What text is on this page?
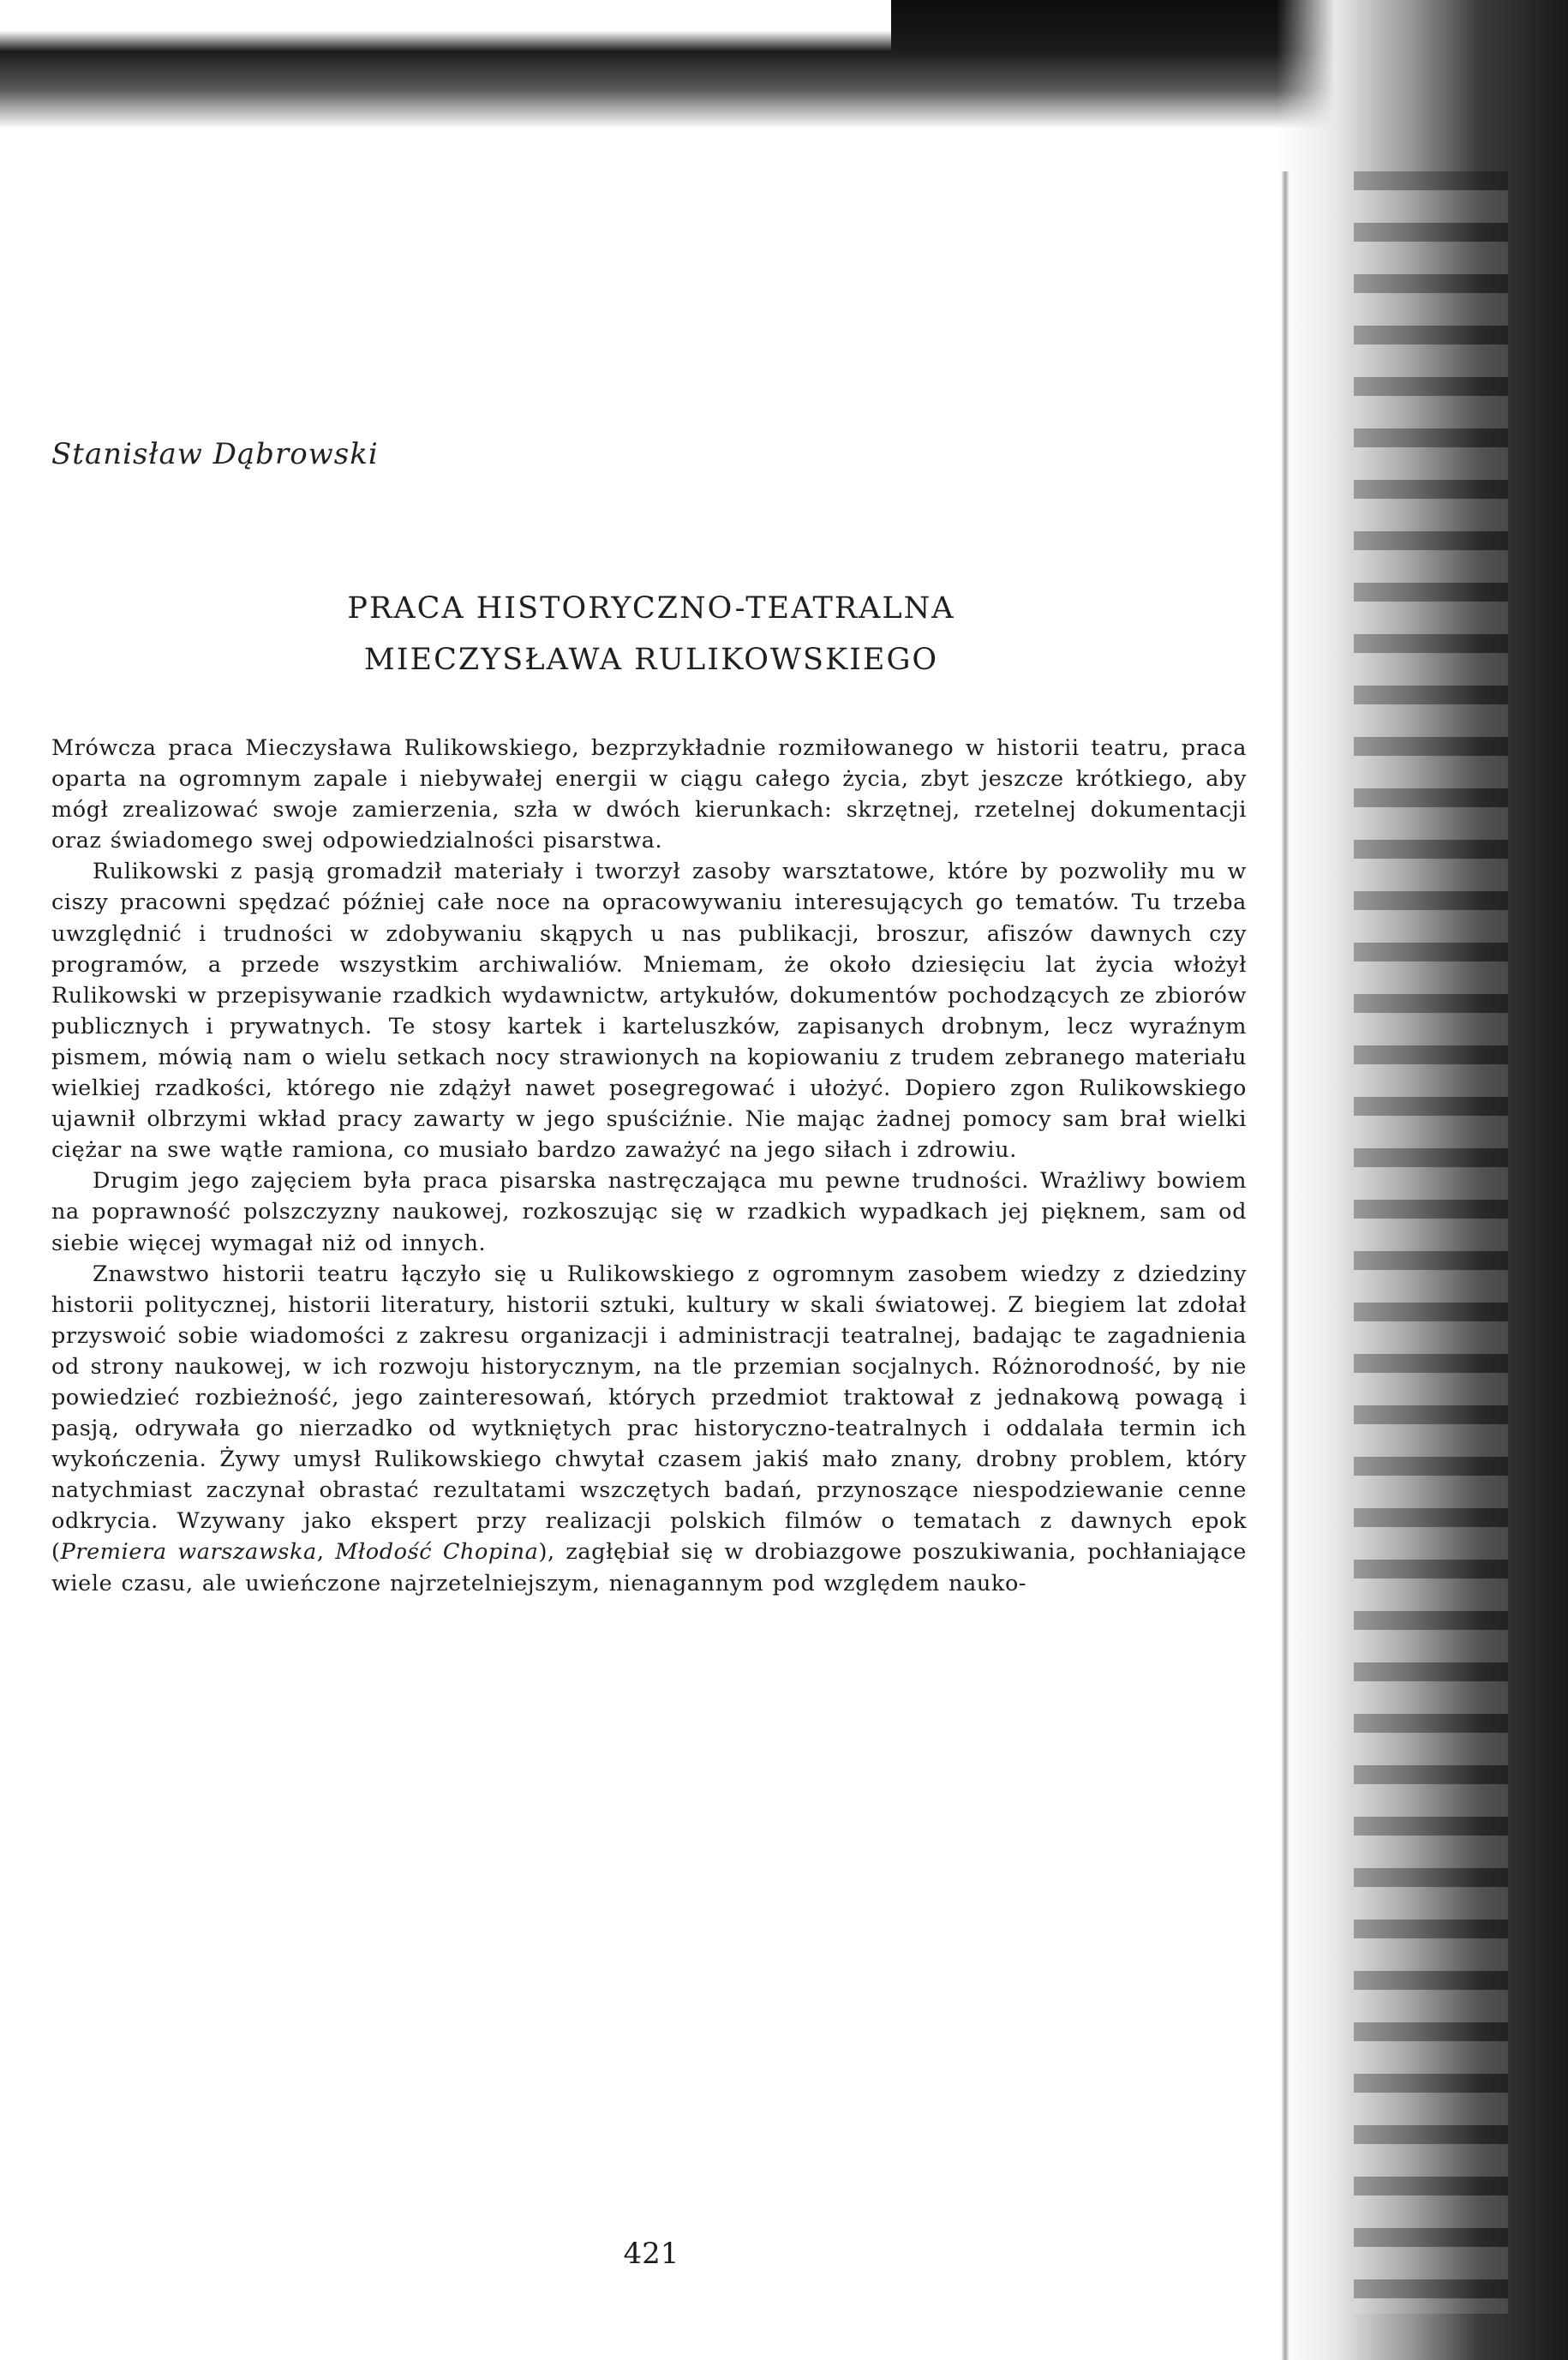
Stanisław Dąbrowski
PRACA HISTORYCZNO-TEATRALNA
MIECZYSŁAWA RULIKOWSKIEGO

Mrówcza praca Mieczysława Rulikowskiego, bezprzykładnie rozmiłowanego w historii teatru, praca oparta na ogromnym zapale i niebywałej energii w ciągu całego życia, zbyt jeszcze krótkiego, aby mógł zrealizować swoje zamierzenia, szła w dwóch kierunkach: skrzętnej, rzetelnej dokumentacji oraz świadomego swej odpowiedzialności pisarstwa.

Rulikowski z pasją gromadził materiały i tworzył zasoby warsztatowe, które by pozwoliły mu w ciszy pracowni spędzać później całe noce na opracowywaniu interesujących go tematów. Tu trzeba uwzględnić i trudności w zdobywaniu skąpych u nas publikacji, broszur, afiszów dawnych czy programów, a przede wszystkim archiwaliów. Mniemam, że około dziesięciu lat życia włożył Rulikowski w przepisywanie rzadkich wydawnictw, artykułów, dokumentów pochodzących ze zbiorów publicznych i prywatnych. Te stosy kartek i karteluszków, zapisanych drobnym, lecz wyraźnym pismem, mówią nam o wielu setkach nocy strawionych na kopiowaniu z trudem zebranego materiału wielkiej rzadkości, którego nie zdążył nawet posegregować i ułożyć. Dopiero zgon Rulikowskiego ujawnił olbrzymi wkład pracy zawarty w jego spuściźnie. Nie mając żadnej pomocy sam brał wielki ciężar na swe wątłe ramiona, co musiało bardzo zaważyć na jego siłach i zdrowiu.

Drugim jego zajęciem była praca pisarska nastręczająca mu pewne trudności. Wrażliwy bowiem na poprawność polszczyzny naukowej, rozkoszując się w rzadkich wypadkach jej pięknem, sam od siebie więcej wymagał niż od innych.

Znawstwo historii teatru łączyło się u Rulikowskiego z ogromnym zasobem wiedzy z dziedziny historii politycznej, historii literatury, historii sztuki, kultury w skali światowej. Z biegiem lat zdołał przyswoić sobie wiadomości z zakresu organizacji i administracji teatralnej, badając te zagadnienia od strony naukowej, w ich rozwoju historycznym, na tle przemian socjalnych. Różnorodność, by nie powiedzieć rozbieżność, jego zainteresowań, których przedmiot traktował z jednakową powagą i pasją, odrywała go nierzadko od wytkniętych prac historyczno-teatralnych i oddalała termin ich wykończenia. Żywy umysł Rulikowskiego chwytał czasem jakiś mało znany, drobny problem, który natychmiast zaczynał obrastać rezultatami wszczętych badań, przynoszące niespodziewanie cenne odkrycia. Wzywany jako ekspert przy realizacji polskich filmów o tematach z dawnych epok (Premiera warszawska, Młodość Chopina), zagłębiał się w drobiazgowe poszukiwania, pochłaniające wiele czasu, ale uwieńczone najrzetelniejszym, nienagannym pod względem nauko-

421
